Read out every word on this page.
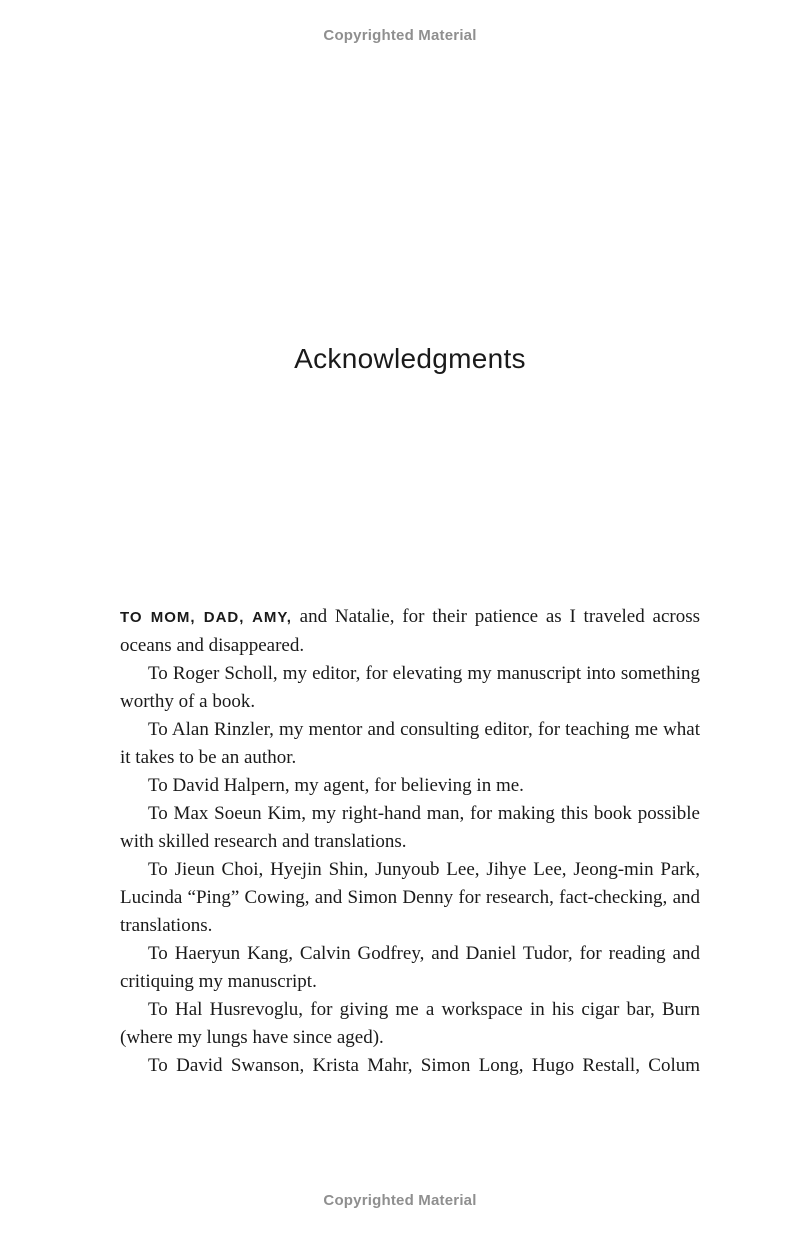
Copyrighted Material
Acknowledgments

TO MOM, DAD, AMY, and Natalie, for their patience as I traveled across oceans and disappeared.

To Roger Scholl, my editor, for elevating my manuscript into something worthy of a book.

To Alan Rinzler, my mentor and consulting editor, for teaching me what it takes to be an author.

To David Halpern, my agent, for believing in me.

To Max Soeun Kim, my right-hand man, for making this book possible with skilled research and translations.

To Jieun Choi, Hyejin Shin, Junyoub Lee, Jihye Lee, Jeong-min Park, Lucinda “Ping” Cowing, and Simon Denny for research, fact-checking, and translations.

To Haeryun Kang, Calvin Godfrey, and Daniel Tudor, for reading and critiquing my manuscript.

To Hal Husrevoglu, for giving me a workspace in his cigar bar, Burn (where my lungs have since aged).

To David Swanson, Krista Mahr, Simon Long, Hugo Restall, Colum

Copyrighted Material
